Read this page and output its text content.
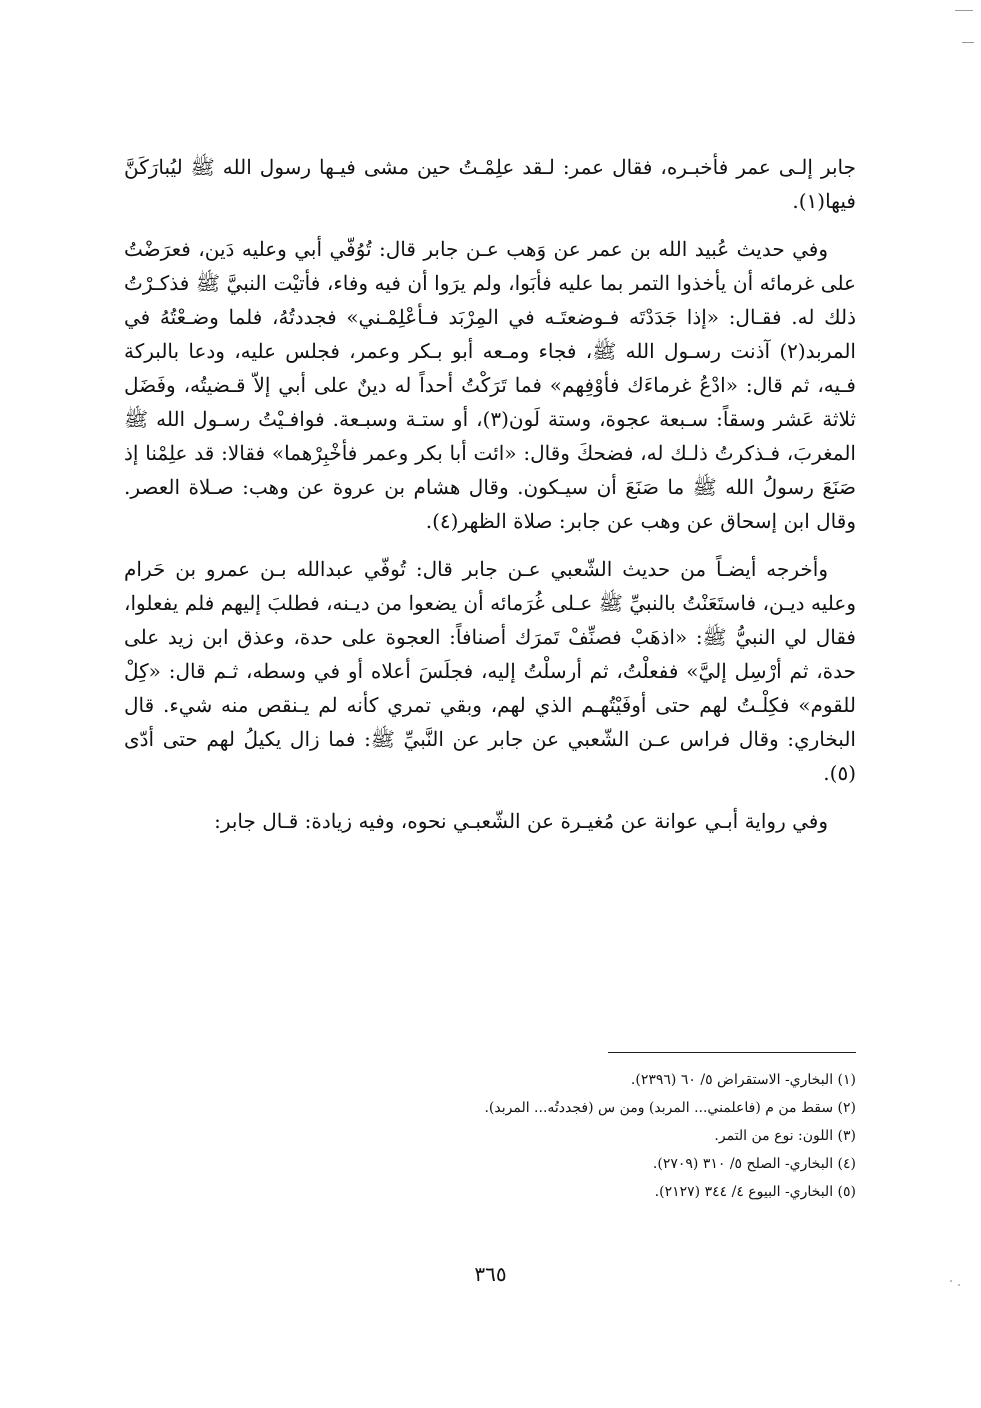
جابر إلـى عمر فأخبـره، فقال عمر: لـقد علِمْـتُ حين مشى فيـها رسول الله ﷺ ليُبارَكَنَّ فيها(١).

وفي حديث عُبيد الله بن عمر عن وَهب عـن جابر قال: تُوُفّي أبي وعليه دَين، فعرَضْتُ على غرمائه أن يأخذوا التمر بما عليه فأبَوا، ولم يرَوا أن فيه وفاء، فأتيْت النبيَّ ﷺ فذكـرْتُ ذلك له. فقـال: «إذا جَدَدْتَه فـوضعتَـه في المِرْبَد فـأعْلِمْـني» فجددتُهُ، فلما وضـعْتُهُ في المربد(٢) آذنت رسـول الله ﷺ، فجاء ومـعه أبو بـكر وعمر، فجلس عليه، ودعا بالبركة فـيه، ثم قال: «ادْعُ غرماءَك فأوْفِهم» فما تَرَكْتُ أحداً له دينٌ على أبي إلاّ قـضيتُه، وفَضَل ثلاثة عَشر وسقاً: سـبعة عجوة، وستة لَون(٣)، أو ستـة وسبـعة. فوافـيْتُ رسـول الله ﷺ المغربَ، فـذكرتُ ذلـك له، فضحكَ وقال: «ائت أبا بكر وعمر فأخْبِرْهما» فقالا: قد علِمْنا إذ صَنَعَ رسولُ الله ﷺ ما صَنَعَ أن سيـكون. وقال هشام بن عروة عن وهب: صـلاة العصر. وقال ابن إسحاق عن وهب عن جابر: صلاة الظهر(٤).

وأخرجه أيضـاً من حديث الشّعبي عـن جابر قال: تُوفّي عبدالله بـن عمرو بن حَرام وعليه ديـن، فاستَعَنْتُ بالنبيِّ ﷺ عـلى غُرَمائه أن يضعوا من ديـنه، فطلبَ إليهم فلم يفعلوا، فقال لي النبيُّ ﷺ: «اذهَبْ فصنِّفْ تَمرَك أصنافاً: العجوة على حدة، وعذق ابن زيد على حدة، ثم أرْسِل إليَّ» ففعلْتُ، ثم أرسلْتُ إليه، فجلَسَ أعلاه أو في وسطه، ثـم قال: «كِلْ للقوم» فكِلْـتُ لهم حتى أوفَيْتُهـم الذي لهم، وبقي تمري كأنه لم يـنقص منه شيء. قال البخاري: وقال فراس عـن الشّعبي عن جابر عن النَّبيِّ ﷺ: فما زال يكيلُ لهم حتى أدّى (٥).

وفي رواية أبـي عوانة عن مُغيـرة عن الشّعبـي نحوه، وفيه زيادة: قـال جابر:

(١) البخاري- الاستقراض ٥/ ٦٠ (٢٣٩٦).
(٢) سقط من م (فاعلمني... المربد) ومن س (فجددتُه... المربد).
(٣) اللون: نوع من التمر.
(٤) البخاري- الصلح ٥/ ٣١٠ (٢٧٠٩).
(٥) البخاري- البيوع ٤/ ٣٤٤ (٢١٢٧).
٣٦٥
